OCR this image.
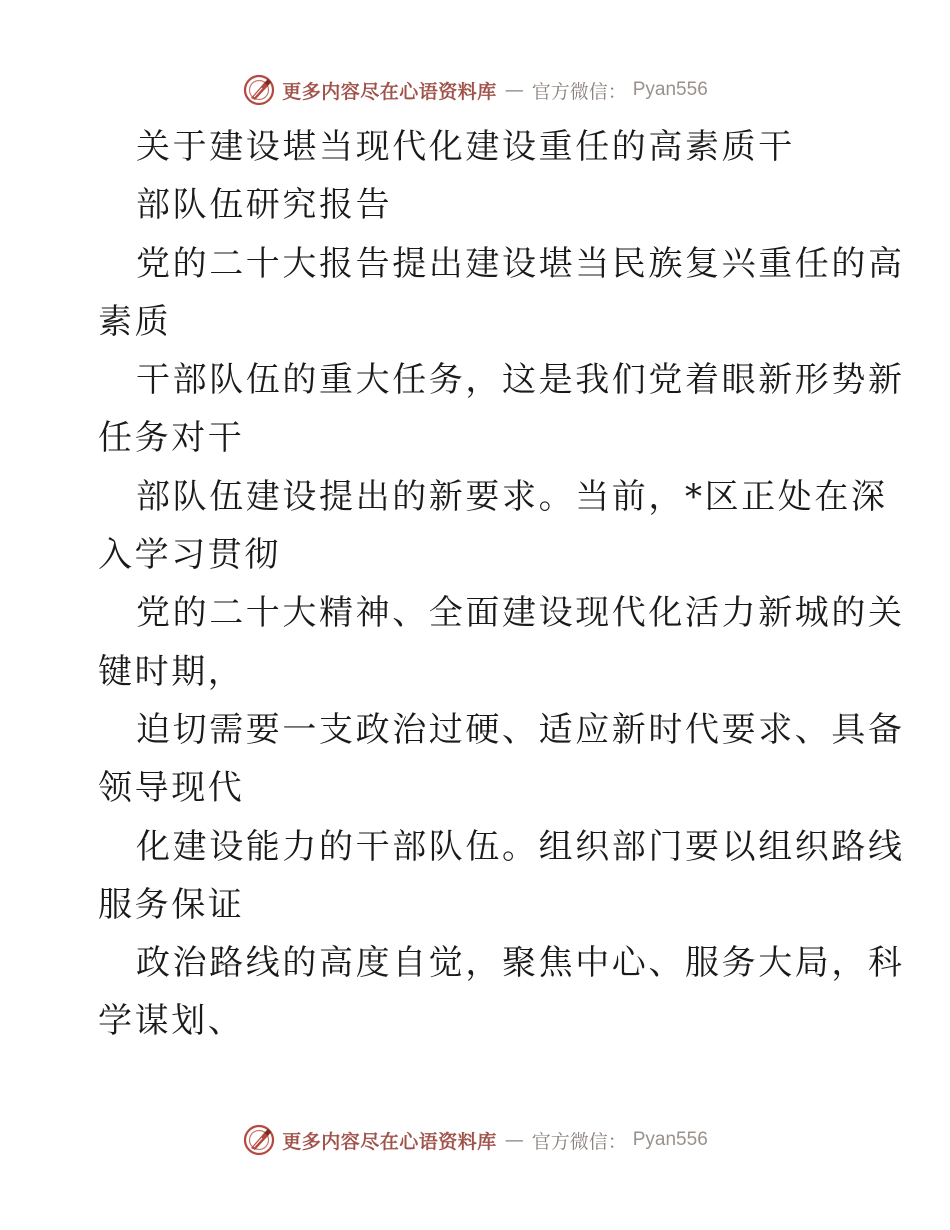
更多内容尽在心语资料库 — 官方微信： Pyan556
关于建设堪当现代化建设重任的高素质干
部队伍研究报告
党的二十大报告提出建设堪当民族复兴重任的高
素质
干部队伍的重大任务，这是我们党着眼新形势新
任务对干
部队伍建设提出的新要求。当前，*区正处在深
入学习贯彻
党的二十大精神、全面建设现代化活力新城的关
键时期，
迫切需要一支政治过硬、适应新时代要求、具备
领导现代
化建设能力的干部队伍。组织部门要以组织路线
服务保证
政治路线的高度自觉，聚焦中心、服务大局，科
学谋划、
更多内容尽在心语资料库 — 官方微信： Pyan556
